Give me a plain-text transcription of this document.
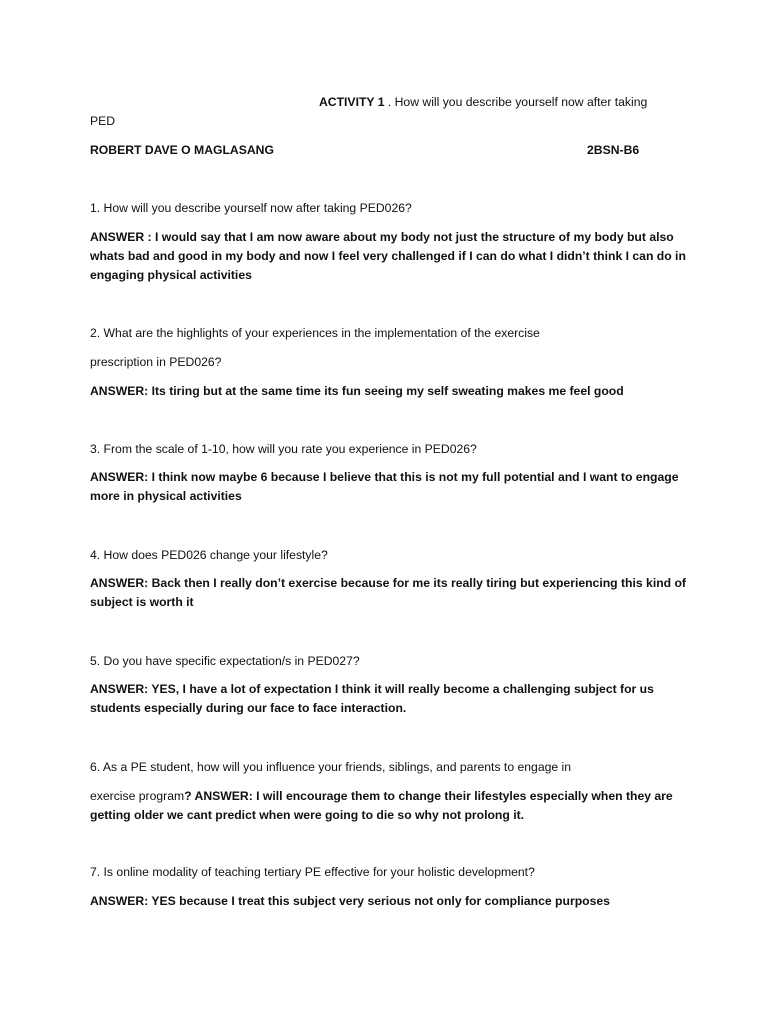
ACTIVITY 1 . How will you describe yourself now after taking
PED
ROBERT DAVE O MAGLASANG	2BSN-B6
1. How will you describe yourself now after taking PED026?
ANSWER : I would say that I am now aware about my body not just the structure of my body but also whats bad and good in my body and now I feel very challenged if I can do what I didn’t think I can do in engaging physical activities
2. What are the highlights of your experiences in the implementation of the exercise
prescription in PED026?
ANSWER: Its tiring but at the same time its fun seeing my self sweating makes me feel good
3. From the scale of 1-10, how will you rate you experience in PED026?
ANSWER: I think now maybe 6 because I believe that this is not my full potential and I want to engage more in physical activities
4. How does PED026 change your lifestyle?
ANSWER: Back then I really don’t exercise because for me its really tiring but experiencing this kind of subject is worth it
5. Do you have specific expectation/s in PED027?
ANSWER: YES, I have a lot of expectation I think it will really become a challenging subject for us students especially during our face to face interaction.
6. As a PE student, how will you influence your friends, siblings, and parents to engage in
exercise program? ANSWER: I will encourage them to change their lifestyles especially when they are getting older we cant predict when were going to die so why not prolong it.
7. Is online modality of teaching tertiary PE effective for your holistic development?
ANSWER: YES because I treat this subject very serious not only for compliance purposes
